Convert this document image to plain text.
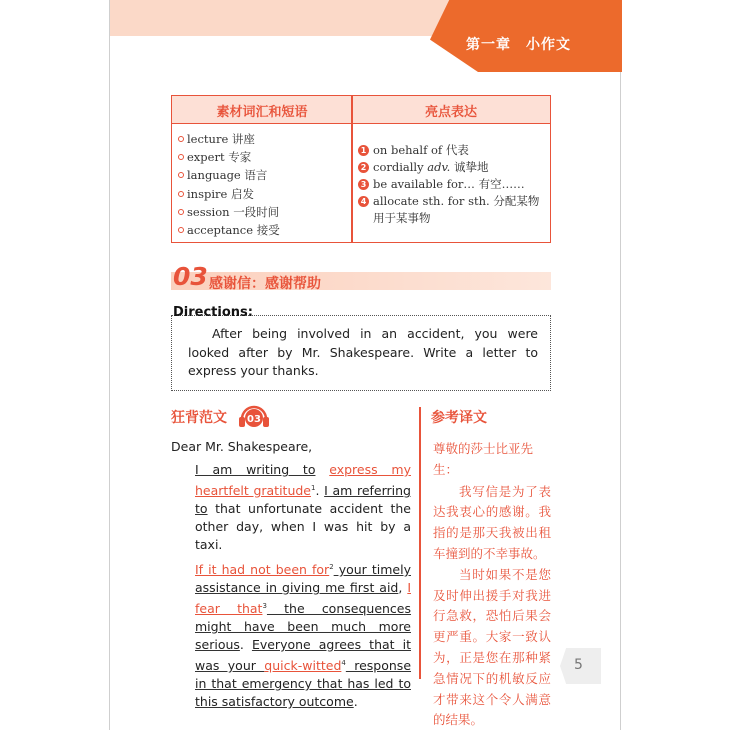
第一章　小作文
素材词汇和短语	亮点表达
lecture 讲座
expert 专家
language 语言
inspire 启发
session 一段时间
acceptance 接受
1 on behalf of 代表
2 cordially adv. 诚挚地
3 be available for… 有空……
4 allocate sth. for sth. 分配某物
用于某事物
03 感谢信：感谢帮助
Directions:
After being involved in an accident, you were looked after by Mr. Shakespeare. Write a letter to express your thanks.
狂背范文 03	参考译文
Dear Mr. Shakespeare,
I am writing to express my heartfelt gratitude$^1$. I am referring to that unfortunate accident the other day, when I was hit by a taxi.
If it had not been for$^2$ your timely assistance in giving me first aid, I fear that$^3$ the consequences might have been much more serious. Everyone agrees that it was your quick-witted$^4$ response in that emergency that has led to this satisfactory outcome.
尊敬的莎士比亚先生：
我写信是为了表达我衷心的感谢。我指的是那天我被出租车撞到的不幸事故。
当时如果不是您及时伸出援手对我进行急救，恐怕后果会更严重。大家一致认为，正是您在那种紧急情况下的机敏反应才带来这个令人满意的结果。
5
